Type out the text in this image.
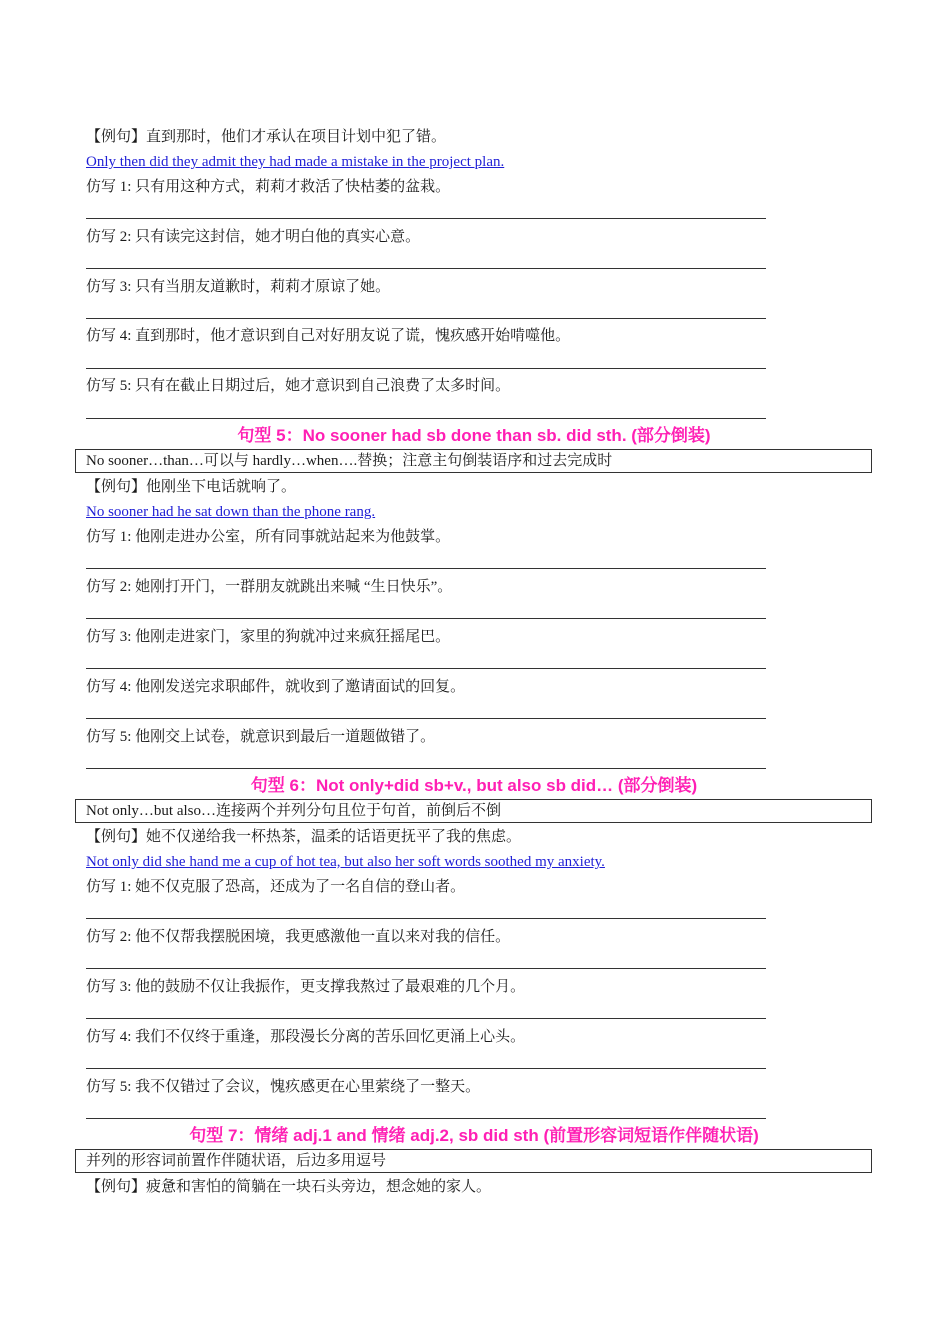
【例句】直到那时，他们才承认在项目计划中犯了错。
Only then did they admit they had made a mistake in the project plan.
仿写 1: 只有用这种方式，莉莉才救活了快枯萎的盆栽。
仿写 2: 只有读完这封信，她才明白他的真实心意。
仿写 3: 只有当朋友道歉时，莉莉才原谅了她。
仿写 4: 直到那时，他才意识到自己对好朋友说了谎，愧疚感开始啃噬他。
仿写 5: 只有在截止日期过后，她才意识到自己浪费了太多时间。
句型 5：No sooner had sb done than sb. did sth. (部分倒装)
No sooner…than…可以与 hardly…when….替换；注意主句倒装语序和过去完成时
【例句】他刚坐下电话就响了。
No sooner had he sat down than the phone rang.
仿写 1: 他刚走进办公室，所有同事就站起来为他鼓掌。
仿写 2: 她刚打开门，一群朋友就跳出来喊 “生日快乐”。
仿写 3: 他刚走进家门，家里的狗就冲过来疯狂摇尾巴。
仿写 4: 他刚发送完求职邮件，就收到了邀请面试的回复。
仿写 5: 他刚交上试卷，就意识到最后一道题做错了。
句型 6：Not only+did sb+v., but also sb did… (部分倒装)
Not only…but also…连接两个并列分句且位于句首，前倒后不倒
【例句】她不仅递给我一杯热茶，温柔的话语更抚平了我的焦虑。
Not only did she hand me a cup of hot tea, but also her soft words soothed my anxiety.
仿写 1: 她不仅克服了恐高，还成为了一名自信的登山者。
仿写 2: 他不仅帮我摆脱困境，我更感激他一直以来对我的信任。
仿写 3: 他的鼓励不仅让我振作，更支撑我熬过了最艰难的几个月。
仿写 4: 我们不仅终于重逢，那段漫长分离的苦乐回忆更涌上心头。
仿写 5: 我不仅错过了会议，愧疚感更在心里萦绕了一整天。
句型 7：情绪 adj.1 and 情绪 adj.2, sb did sth (前置形容词短语作伴随状语)
并列的形容词前置作伴随状语，后边多用逗号
【例句】疲惫和害怕的简躺在一块石头旁边，想念她的家人。
